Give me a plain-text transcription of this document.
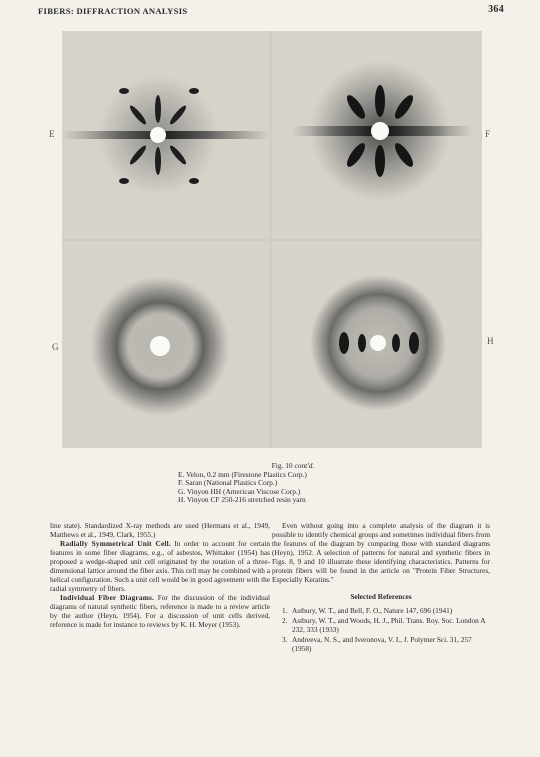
FIBERS: DIFFRACTION ANALYSIS	364
E	F
G
H
Fig. 10 cont'd.
E. Velon, 0.2 mm (Firestone Plastics Corp.)
F. Saran (National Plastics Corp.)
G. Vinyon HH (American Viscose Corp.)
H. Vinyon CF 250-216 stretched resin yarn

line state). Standardized X-ray methods are used (Hermans et al., 1949, Matthews et al., 1949, Clark, 1955.)

Radially Symmetrical Unit Cell. In order to account for certain features in some fiber diagrams, e.g., of asbestos, Whittaker (1954) has proposed a wedge-shaped unit cell originated by the rotation of a three-dimensional lattice around the fiber axis. This cell may be combined with a helical configuration. Such a unit cell would be in good agreement with the radial symmetry of fibers.

Individual Fiber Diagrams. For the discussion of the individual diagrams of natural synthetic fibers, reference is made to a review article by the author (Heyn, 1954). For a discussion of unit cells derived, reference is made for instance to reviews by K. H. Meyer (1953).

Even without going into a complete analysis of the diagram it is possible to identify chemical groups and sometimes individual fibers from the features of the diagram by comparing those with standard diagrams (Heyn), 1952. A selection of patterns for natural and synthetic fibers in Figs. 8, 9 and 10 illustrate these identifying characteristics. Patterns for protein fibers will be found in the article on "Protein Fiber Structures, Especially Keratins."

Selected References

1. Astbury, W. T., and Bell, F. O., Nature 147, 696 (1941)

2. Astbury, W. T., and Woods, H. J., Phil. Trans. Roy. Soc. London A 232, 333 (1933)

3. Andreeva, N. S., and Iveronova, V. I., J. Polymer Sci. 31, 257 (1958)
